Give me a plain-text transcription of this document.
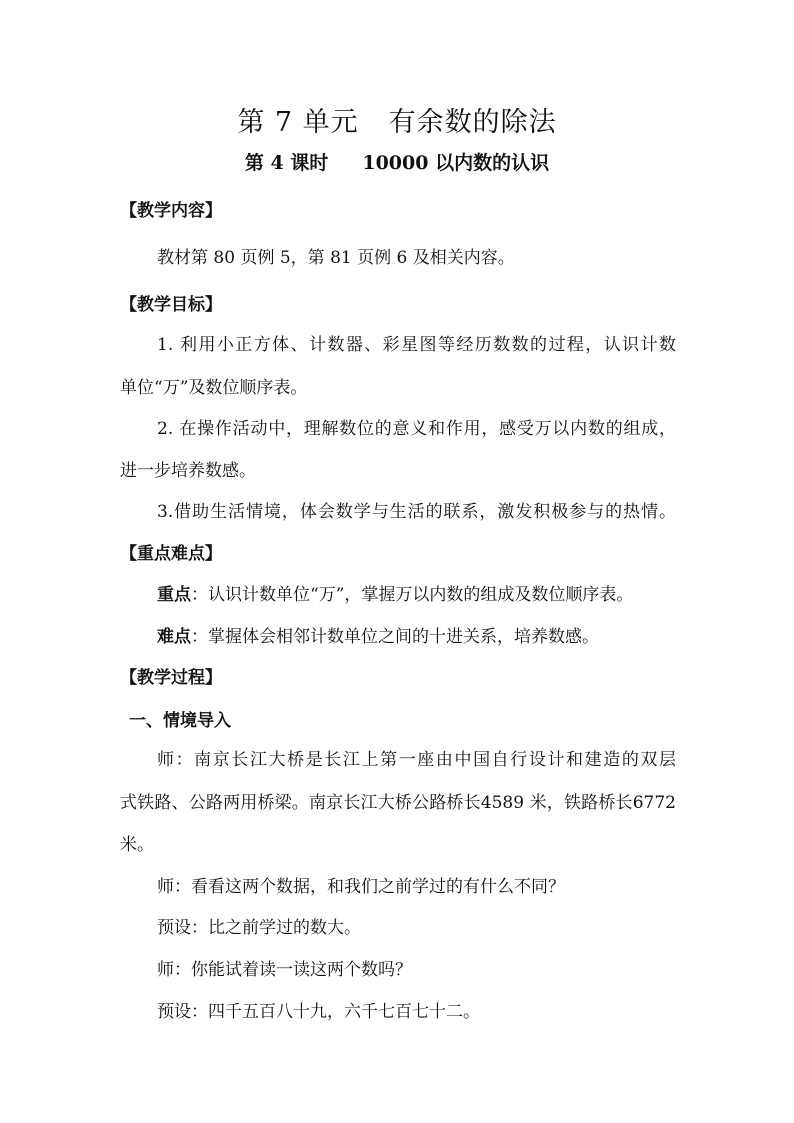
第 7 单元 有余数的除法
第 4 课时 10000 以内数的认识
【教学内容】
教材第 80 页例 5，第 81 页例 6 及相关内容。
【教学目标】
1. 利用小正方体、计数器、彩星图等经历数数的过程，认识计数
单位“万”及数位顺序表。
2. 在操作活动中，理解数位的意义和作用，感受万以内数的组成，
进一步培养数感。
3.借助生活情境，体会数学与生活的联系，激发积极参与的热情。
【重点难点】
重点：认识计数单位“万”，掌握万以内数的组成及数位顺序表。
难点：掌握体会相邻计数单位之间的十进关系，培养数感。
【教学过程】
一、情境导入
师：南京长江大桥是长江上第一座由中国自行设计和建造的双层
式铁路、公路两用桥梁。南京长江大桥公路桥长4589 米，铁路桥长6772
米。
师：看看这两个数据，和我们之前学过的有什么不同？
预设：比之前学过的数大。
师：你能试着读一读这两个数吗？
预设：四千五百八十九，六千七百七十二。
